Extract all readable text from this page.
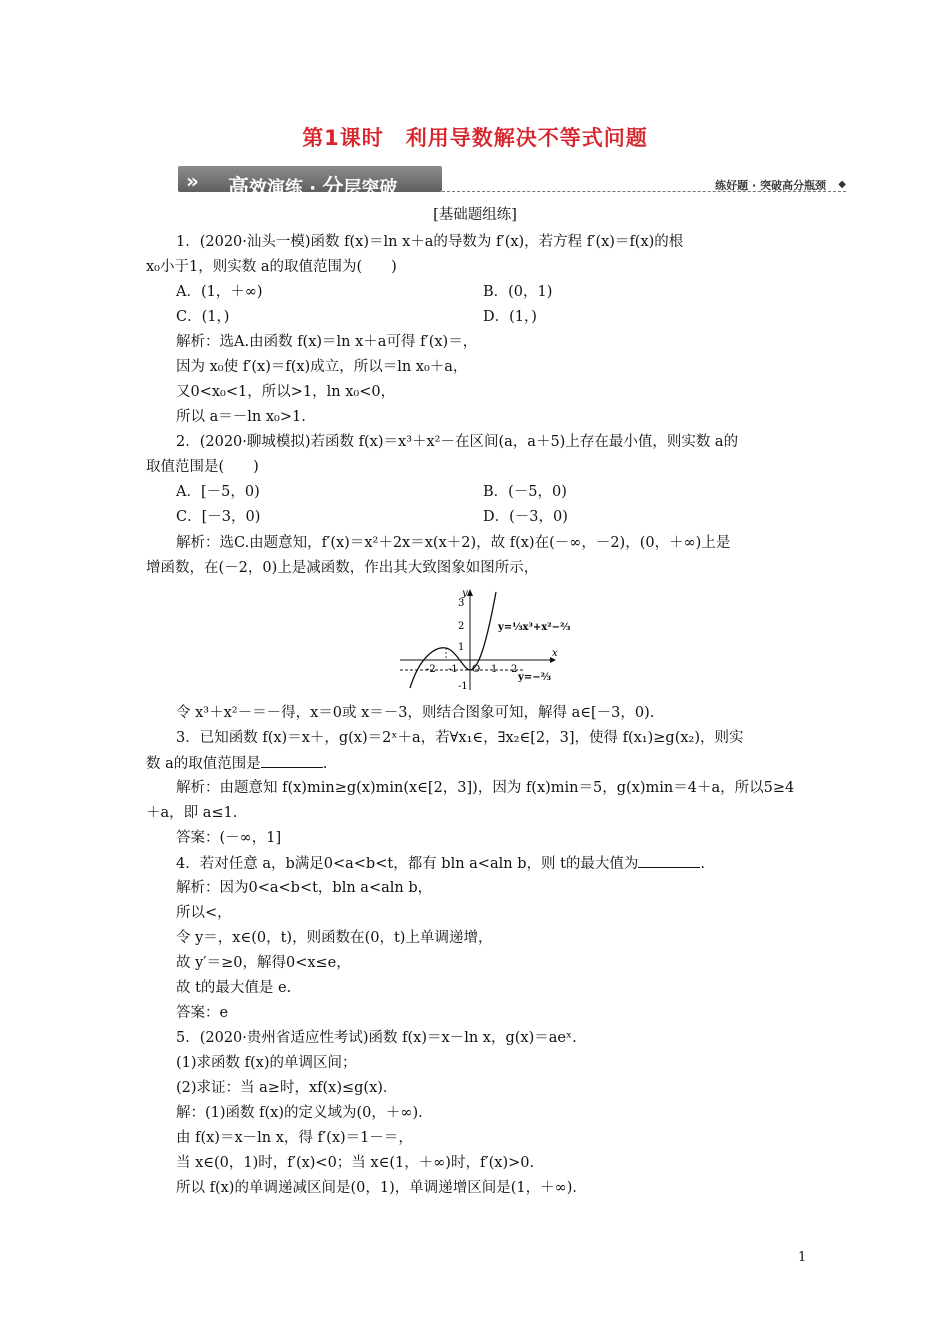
第1课时　利用导数解决不等式问题
» 高效演练 · 分层突破	练好题 · 突破高分瓶颈 ◆
[基础题组练]
1．(2020·汕头一模)函数 f(x)＝ln x＋a的导数为 f′(x)，若方程 f′(x)＝f(x)的根
x₀小于1，则实数 a的取值范围为(　　)
A．(1，＋∞)	B．(0，1)
C．(1，)	D．(1，)
解析：选A.由函数 f(x)＝ln x＋a可得 f′(x)＝，
因为 x₀使 f′(x)＝f(x)成立，所以＝ln x₀＋a，
又0<x₀<1，所以>1，ln x₀<0，
所以 a＝－ln x₀>1.
2．(2020·聊城模拟)若函数 f(x)＝x³＋x²－在区间(a，a＋5)上存在最小值，则实数 a的
取值范围是(　　)
A．[－5，0)	B．(－5，0)
C．[－3，0)	D．(－3，0)
解析：选C.由题意知，f′(x)＝x²＋2x＝x(x＋2)，故 f(x)在(－∞，－2)，(0，＋∞)上是
增函数，在(－2，0)上是减函数，作出其大致图象如图所示，
y
x
3
2
1
-1
-2 -1 O 1 2
y=⅓x³+x²−⅔
y=−⅔
令 x³＋x²－＝－得，x＝0或 x＝－3，则结合图象可知，解得 a∈[－3，0).
3．已知函数 f(x)＝x＋，g(x)＝2ˣ＋a，若∀x₁∈，∃x₂∈[2，3]，使得 f(x₁)≥g(x₂)，则实
数 a的取值范围是	.
解析：由题意知 f(x)min≥g(x)min(x∈[2，3])，因为 f(x)min＝5，g(x)min＝4＋a，所以5≥4
＋a，即 a≤1.
答案：(－∞，1]
4．若对任意 a，b满足0<a<b<t，都有 bln a<aln b，则 t的最大值为	.
解析：因为0<a<b<t，bln a<aln b，
所以<，
令 y＝，x∈(0，t)，则函数在(0，t)上单调递增，
故 y′＝≥0，解得0<x≤e，
故 t的最大值是 e.
答案：e
5．(2020·贵州省适应性考试)函数 f(x)＝x－ln x，g(x)＝aeˣ.
(1)求函数 f(x)的单调区间；
(2)求证：当 a≥时，xf(x)≤g(x)．
解：(1)函数 f(x)的定义域为(0，＋∞)．
由 f(x)＝x－ln x，得 f′(x)＝1－＝，
当 x∈(0，1)时，f′(x)<0；当 x∈(1，＋∞)时，f′(x)>0.
所以 f(x)的单调递减区间是(0，1)，单调递增区间是(1，＋∞)．
1
